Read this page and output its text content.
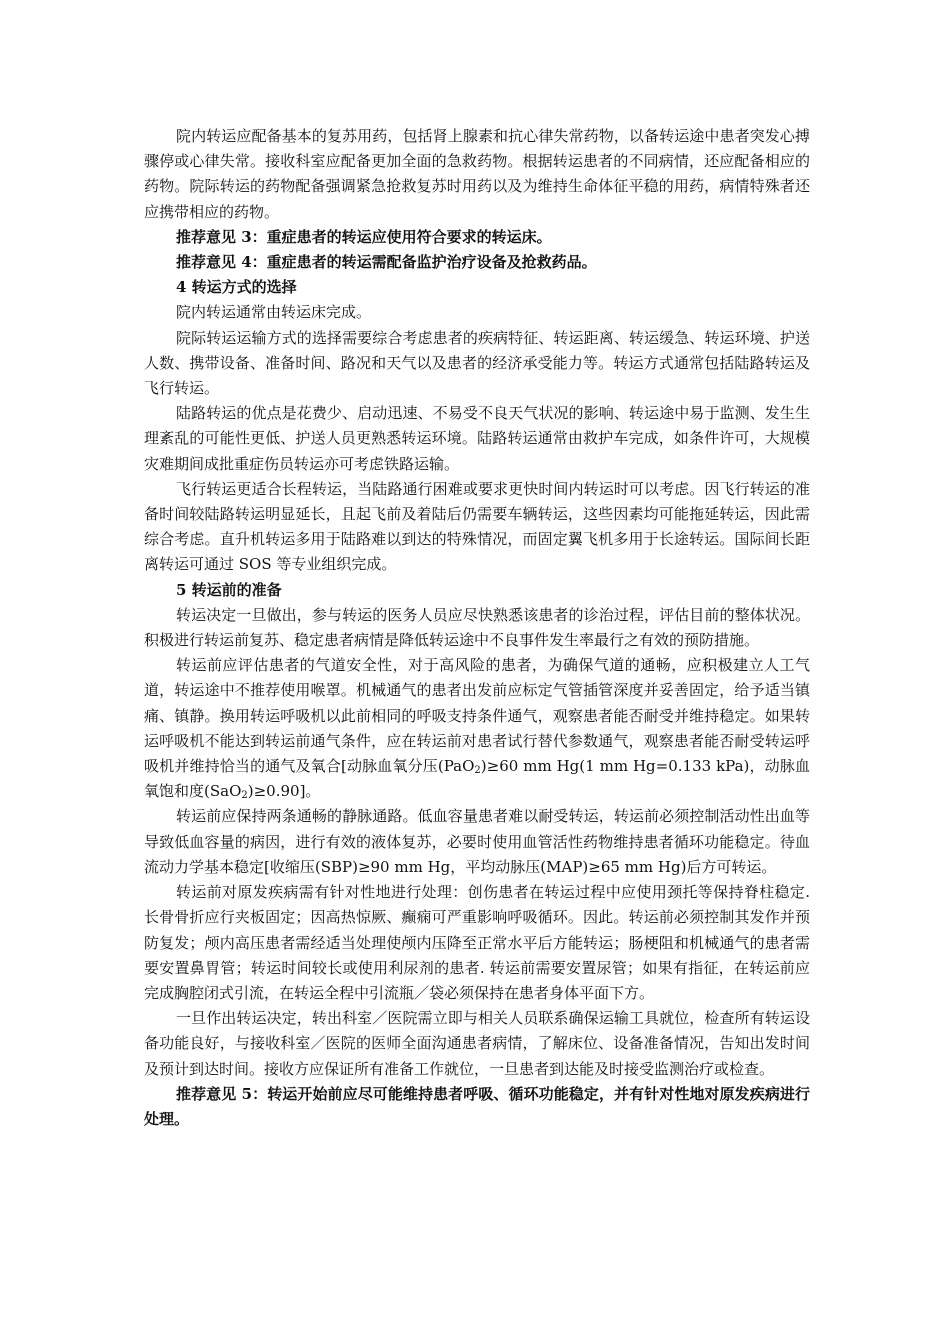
院内转运应配备基本的复苏用药，包括肾上腺素和抗心律失常药物，以备转运途中患者突发心搏骤停或心律失常。接收科室应配备更加全面的急救药物。根据转运患者的不同病情，还应配备相应的药物。院际转运的药物配备强调紧急抢救复苏时用药以及为维持生命体征平稳的用药，病情特殊者还应携带相应的药物。

推荐意见 3：重症患者的转运应使用符合要求的转运床。

推荐意见 4：重症患者的转运需配备监护治疗设备及抢救药品。

4 转运方式的选择

院内转运通常由转运床完成。

院际转运运输方式的选择需要综合考虑患者的疾病特征、转运距离、转运缓急、转运环境、护送人数、携带设备、准备时间、路况和天气以及患者的经济承受能力等。转运方式通常包括陆路转运及飞行转运。

陆路转运的优点是花费少、启动迅速、不易受不良天气状况的影响、转运途中易于监测、发生生理紊乱的可能性更低、护送人员更熟悉转运环境。陆路转运通常由救护车完成，如条件许可，大规模灾难期间成批重症伤员转运亦可考虑铁路运输。

飞行转运更适合长程转运，当陆路通行困难或要求更快时间内转运时可以考虑。因飞行转运的准备时间较陆路转运明显延长，且起飞前及着陆后仍需要车辆转运，这些因素均可能拖延转运，因此需综合考虑。直升机转运多用于陆路难以到达的特殊情况，而固定翼飞机多用于长途转运。国际间长距离转运可通过 SOS 等专业组织完成。

5 转运前的准备

转运决定一旦做出，参与转运的医务人员应尽快熟悉该患者的诊治过程，评估目前的整体状况。积极进行转运前复苏、稳定患者病情是降低转运途中不良事件发生率最行之有效的预防措施。

转运前应评估患者的气道安全性，对于高风险的患者，为确保气道的通畅，应积极建立人工气道，转运途中不推荐使用喉罩。机械通气的患者出发前应标定气管插管深度并妥善固定，给予适当镇痛、镇静。换用转运呼吸机以此前相同的呼吸支持条件通气，观察患者能否耐受并维持稳定。如果转运呼吸机不能达到转运前通气条件，应在转运前对患者试行替代参数通气，观察患者能否耐受转运呼吸机并维持恰当的通气及氧合[动脉血氧分压(PaO$_2$)≥60 mm Hg(1 mm Hg=0.133 kPa)，动脉血氧饱和度(SaO$_2$)≥0.90]。

转运前应保持两条通畅的静脉通路。低血容量患者难以耐受转运，转运前必须控制活动性出血等导致低血容量的病因，进行有效的液体复苏，必要时使用血管活性药物维持患者循环功能稳定。待血流动力学基本稳定[收缩压(SBP)≥90 mm Hg，平均动脉压(MAP)≥65 mm Hg)后方可转运。

转运前对原发疾病需有针对性地进行处理：创伤患者在转运过程中应使用颈托等保持脊柱稳定. 长骨骨折应行夹板固定；因高热惊厥、癫痫可严重影响呼吸循环。因此。转运前必须控制其发作并预防复发；颅内高压患者需经适当处理使颅内压降至正常水平后方能转运；肠梗阻和机械通气的患者需要安置鼻胃管；转运时间较长或使用利尿剂的患者. 转运前需要安置尿管；如果有指征，在转运前应完成胸腔闭式引流，在转运全程中引流瓶／袋必须保持在患者身体平面下方。

一旦作出转运决定，转出科室／医院需立即与相关人员联系确保运输工具就位，检查所有转运设备功能良好，与接收科室／医院的医师全面沟通患者病情，了解床位、设备准备情况，告知出发时间及预计到达时间。接收方应保证所有准备工作就位，一旦患者到达能及时接受监测治疗或检查。

推荐意见 5：转运开始前应尽可能维持患者呼吸、循环功能稳定，并有针对性地对原发疾病进行处理。
